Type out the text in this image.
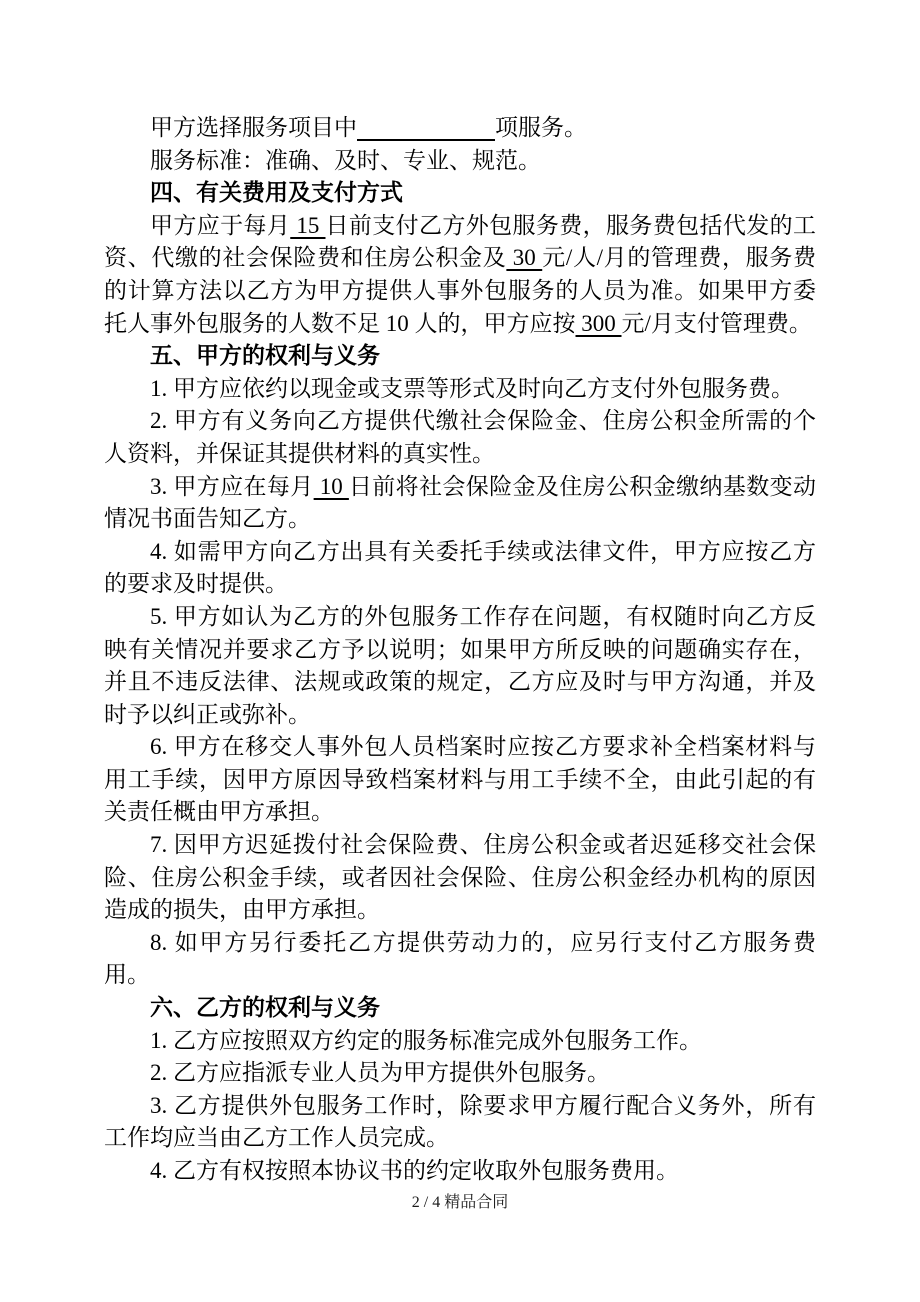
甲方选择服务项目中　　　　　　	项服务。

服务标准：准确、及时、专业、规范。

四、有关费用及支付方式

甲方应于每月 15 日前支付乙方外包服务费，服务费包括代发的工资、代缴的社会保险费和住房公积金及 30 元/人/月的管理费，服务费的计算方法以乙方为甲方提供人事外包服务的人员为准。如果甲方委托人事外包服务的人数不足 10 人的，甲方应按 300 元/月支付管理费。

五、甲方的权利与义务

1. 甲方应依约以现金或支票等形式及时向乙方支付外包服务费。

2. 甲方有义务向乙方提供代缴社会保险金、住房公积金所需的个人资料，并保证其提供材料的真实性。

3. 甲方应在每月 10 日前将社会保险金及住房公积金缴纳基数变动情况书面告知乙方。

4. 如需甲方向乙方出具有关委托手续或法律文件，甲方应按乙方的要求及时提供。

5. 甲方如认为乙方的外包服务工作存在问题，有权随时向乙方反映有关情况并要求乙方予以说明；如果甲方所反映的问题确实存在，并且不违反法律、法规或政策的规定，乙方应及时与甲方沟通，并及时予以纠正或弥补。

6. 甲方在移交人事外包人员档案时应按乙方要求补全档案材料与用工手续，因甲方原因导致档案材料与用工手续不全，由此引起的有关责任概由甲方承担。

7. 因甲方迟延拨付社会保险费、住房公积金或者迟延移交社会保险、住房公积金手续，或者因社会保险、住房公积金经办机构的原因造成的损失，由甲方承担。

8. 如甲方另行委托乙方提供劳动力的，应另行支付乙方服务费用。

六、乙方的权利与义务

1. 乙方应按照双方约定的服务标准完成外包服务工作。

2. 乙方应指派专业人员为甲方提供外包服务。

3. 乙方提供外包服务工作时，除要求甲方履行配合义务外，所有工作均应当由乙方工作人员完成。

4. 乙方有权按照本协议书的约定收取外包服务费用。

2 / 4 精品合同
